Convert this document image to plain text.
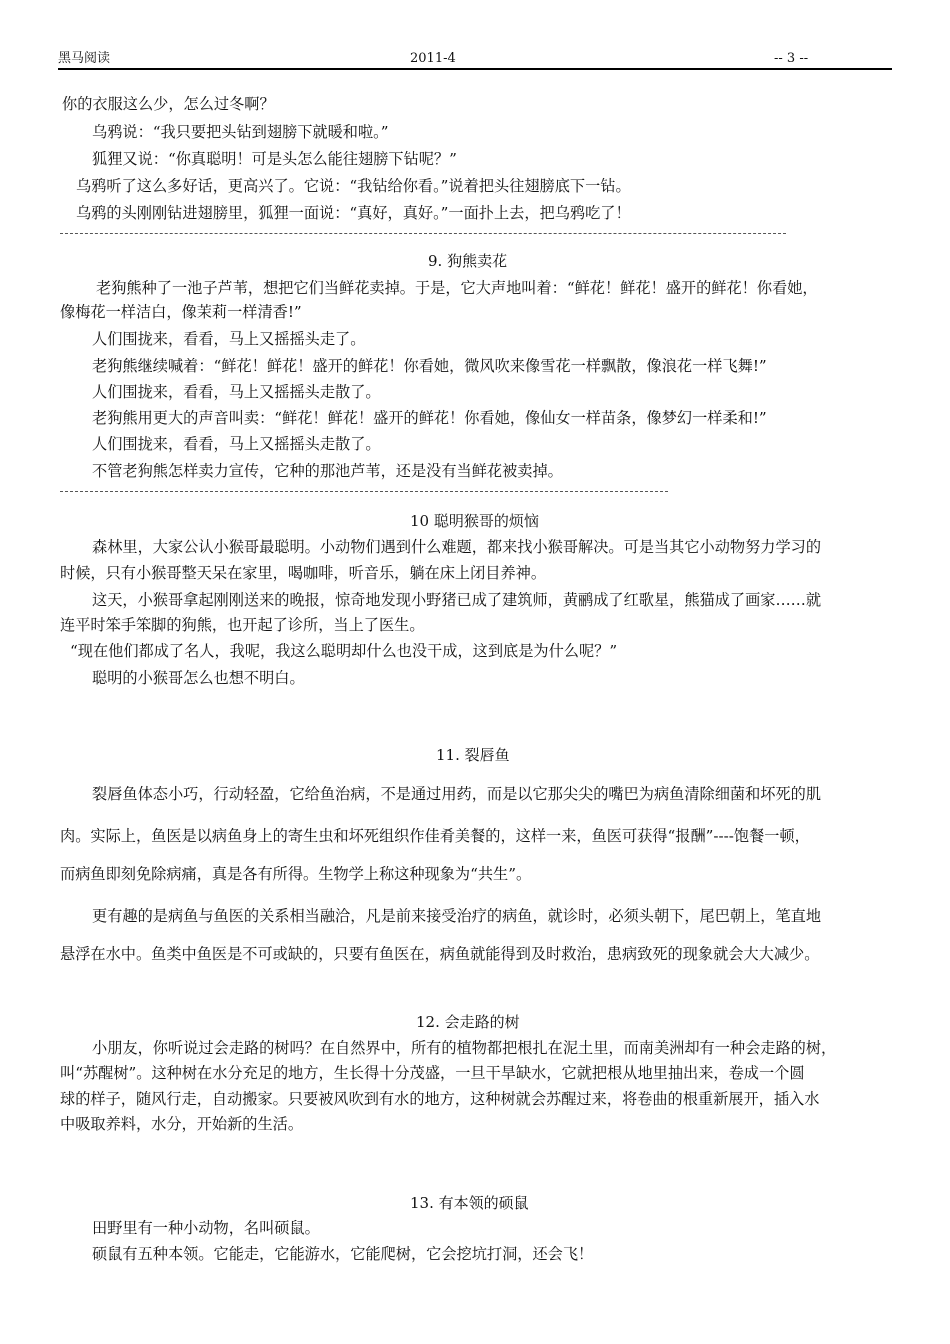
黑马阅读	2011-4	-- 3 --
你的衣服这么少，怎么过冬啊？
乌鸦说：“我只要把头钻到翅膀下就暖和啦。”
狐狸又说：“你真聪明！可是头怎么能往翅膀下钻呢？”
乌鸦听了这么多好话，更高兴了。它说：“我钻给你看。”说着把头往翅膀底下一钻。
乌鸦的头刚刚钻进翅膀里，狐狸一面说：“真好，真好。”一面扑上去，把乌鸦吃了！
9. 狗熊卖花
老狗熊种了一池子芦苇，想把它们当鲜花卖掉。于是，它大声地叫着：“鲜花！鲜花！盛开的鲜花！你看她，
像梅花一样洁白，像茉莉一样清香!”
人们围拢来，看看，马上又摇摇头走了。
老狗熊继续喊着：“鲜花！鲜花！盛开的鲜花！你看她，微风吹来像雪花一样飘散，像浪花一样飞舞!”
人们围拢来，看看，马上又摇摇头走散了。
老狗熊用更大的声音叫卖：“鲜花！鲜花！盛开的鲜花！你看她，像仙女一样苗条，像梦幻一样柔和!”
人们围拢来，看看，马上又摇摇头走散了。
不管老狗熊怎样卖力宣传，它种的那池芦苇，还是没有当鲜花被卖掉。
10 聪明猴哥的烦恼
森林里，大家公认小猴哥最聪明。小动物们遇到什么难题，都来找小猴哥解决。可是当其它小动物努力学习的
时候，只有小猴哥整天呆在家里，喝咖啡，听音乐，躺在床上闭目养神。
这天，小猴哥拿起刚刚送来的晚报，惊奇地发现小野猪已成了建筑师，黄鹂成了红歌星，熊猫成了画家……就
连平时笨手笨脚的狗熊，也开起了诊所，当上了医生。
“现在他们都成了名人，我呢，我这么聪明却什么也没干成，这到底是为什么呢？”
聪明的小猴哥怎么也想不明白。
11. 裂唇鱼
裂唇鱼体态小巧，行动轻盈，它给鱼治病，不是通过用药，而是以它那尖尖的嘴巴为病鱼清除细菌和坏死的肌
肉。实际上，鱼医是以病鱼身上的寄生虫和坏死组织作佳肴美餐的，这样一来，鱼医可获得“报酬”----饱餐一顿，
而病鱼即刻免除病痛，真是各有所得。生物学上称这种现象为“共生”。
更有趣的是病鱼与鱼医的关系相当融洽，凡是前来接受治疗的病鱼，就诊时，必须头朝下，尾巴朝上，笔直地
悬浮在水中。鱼类中鱼医是不可或缺的，只要有鱼医在，病鱼就能得到及时救治，患病致死的现象就会大大减少。
12. 会走路的树
小朋友，你听说过会走路的树吗？在自然界中，所有的植物都把根扎在泥土里，而南美洲却有一种会走路的树，
叫“苏醒树”。这种树在水分充足的地方，生长得十分茂盛，一旦干旱缺水，它就把根从地里抽出来，卷成一个圆
球的样子，随风行走，自动搬家。只要被风吹到有水的地方，这种树就会苏醒过来，将卷曲的根重新展开，插入水
中吸取养料，水分，开始新的生活。
13. 有本领的硕鼠
田野里有一种小动物，名叫硕鼠。
硕鼠有五种本领。它能走，它能游水，它能爬树，它会挖坑打洞，还会飞！
